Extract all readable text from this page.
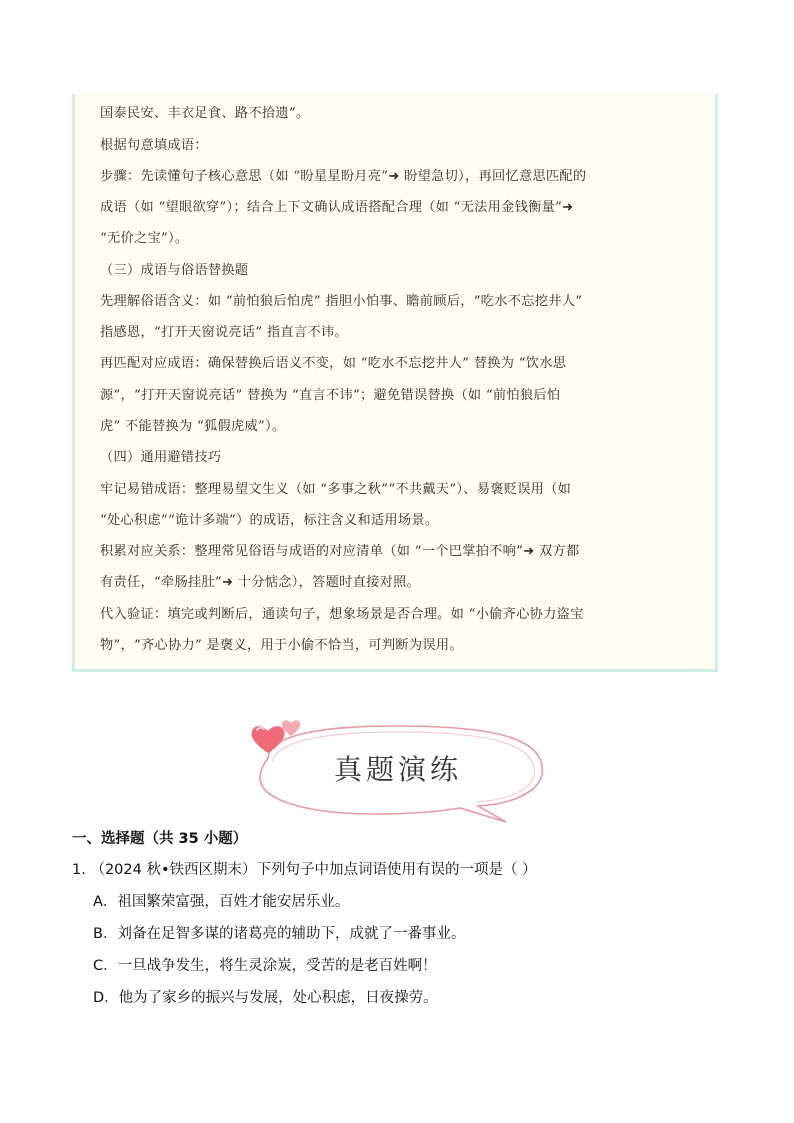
国泰民安、丰衣足食、路不拾遗”。
根据句意填成语：
步骤：先读懂句子核心意思（如 “盼星星盼月亮”➜ 盼望急切），再回忆意思匹配的
成语（如 “望眼欲穿”）；结合上下文确认成语搭配合理（如 “无法用金钱衡量”➜
“无价之宝”）。
（三）成语与俗语替换题
先理解俗语含义：如 “前怕狼后怕虎” 指胆小怕事、瞻前顾后，“吃水不忘挖井人”
指感恩，“打开天窗说亮话” 指直言不讳。
再匹配对应成语：确保替换后语义不变，如 “吃水不忘挖井人” 替换为 “饮水思
源”，“打开天窗说亮话” 替换为 “直言不讳”；避免错误替换（如 “前怕狼后怕
虎” 不能替换为 “狐假虎威”）。
（四）通用避错技巧
牢记易错成语：整理易望文生义（如 “多事之秋”“不共戴天”）、易褒贬误用（如
“处心积虑”“诡计多端”）的成语，标注含义和适用场景。
积累对应关系：整理常见俗语与成语的对应清单（如 “一个巴掌拍不响”➜ 双方都
有责任，“牵肠挂肚”➜ 十分惦念），答题时直接对照。
代入验证：填完或判断后，通读句子，想象场景是否合理。如 “小偷齐心协力盗宝
物”，“齐心协力” 是褒义，用于小偷不恰当，可判断为误用。
真题演练
一、选择题（共 35 小题）
1. （2024 秋•铁西区期末）下列句子中加点词语使用有误的一项是（ ）
A．祖国繁荣富强，百姓才能安居乐业。
B．刘备在足智多谋的诸葛亮的辅助下，成就了一番事业。
C．一旦战争发生，将生灵涂炭，受苦的是老百姓啊！
D．他为了家乡的振兴与发展，处心积虑，日夜操劳。
